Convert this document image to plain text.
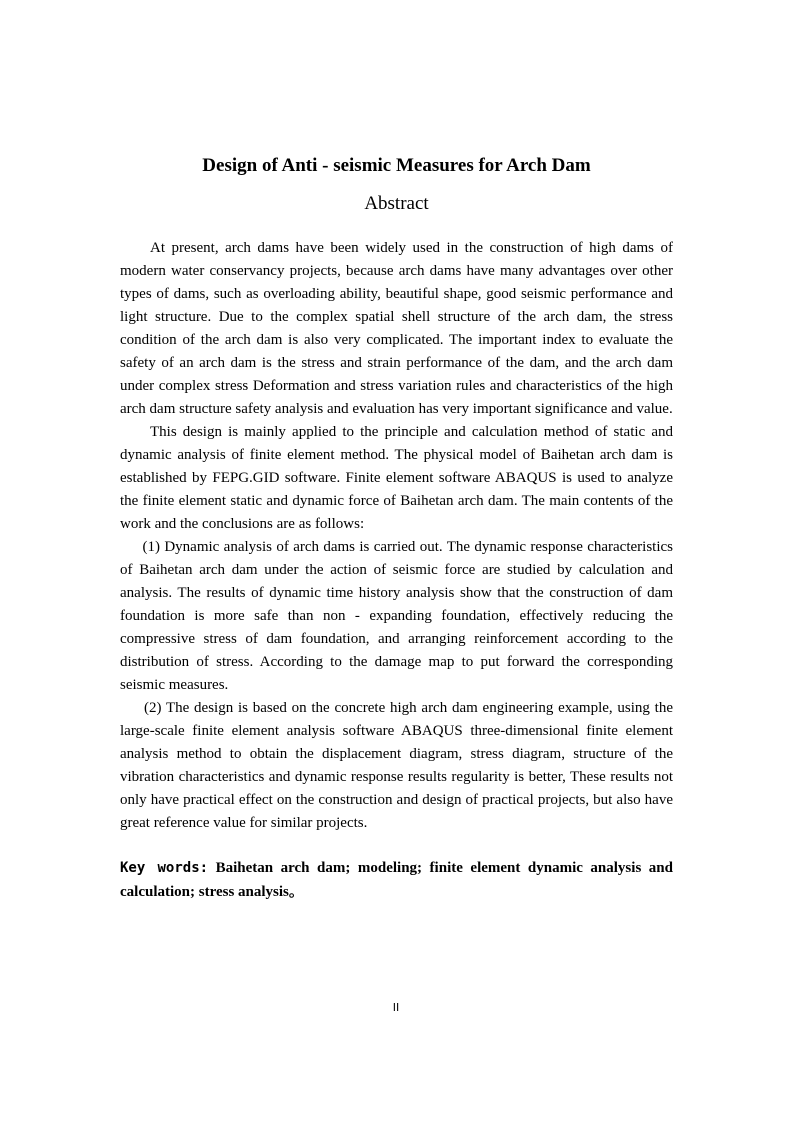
Design of Anti - seismic Measures for Arch Dam
Abstract

At present, arch dams have been widely used in the construction of high dams of modern water conservancy projects, because arch dams have many advantages over other types of dams, such as overloading ability, beautiful shape, good seismic performance and light structure. Due to the complex spatial shell structure of the arch dam, the stress condition of the arch dam is also very complicated. The important index to evaluate the safety of an arch dam is the stress and strain performance of the dam, and the arch dam under complex stress Deformation and stress variation rules and characteristics of the high arch dam structure safety analysis and evaluation has very important significance and value.

This design is mainly applied to the principle and calculation method of static and dynamic analysis of finite element method. The physical model of Baihetan arch dam is established by FEPG.GID software. Finite element software ABAQUS is used to analyze the finite element static and dynamic force of Baihetan arch dam. The main contents of the work and the conclusions are as follows:

(1) Dynamic analysis of arch dams is carried out. The dynamic response characteristics of Baihetan arch dam under the action of seismic force are studied by calculation and analysis. The results of dynamic time history analysis show that the construction of dam foundation is more safe than non - expanding foundation, effectively reducing the compressive stress of dam foundation, and arranging reinforcement according to the distribution of stress. According to the damage map to put forward the corresponding seismic measures.

(2) The design is based on the concrete high arch dam engineering example, using the large-scale finite element analysis software ABAQUS three-dimensional finite element analysis method to obtain the displacement diagram, stress diagram, structure of the vibration characteristics and dynamic response results regularity is better, These results not only have practical effect on the construction and design of practical projects, but also have great reference value for similar projects.

Key words: Baihetan arch dam; modeling; finite element dynamic analysis and calculation; stress analysis。
II
